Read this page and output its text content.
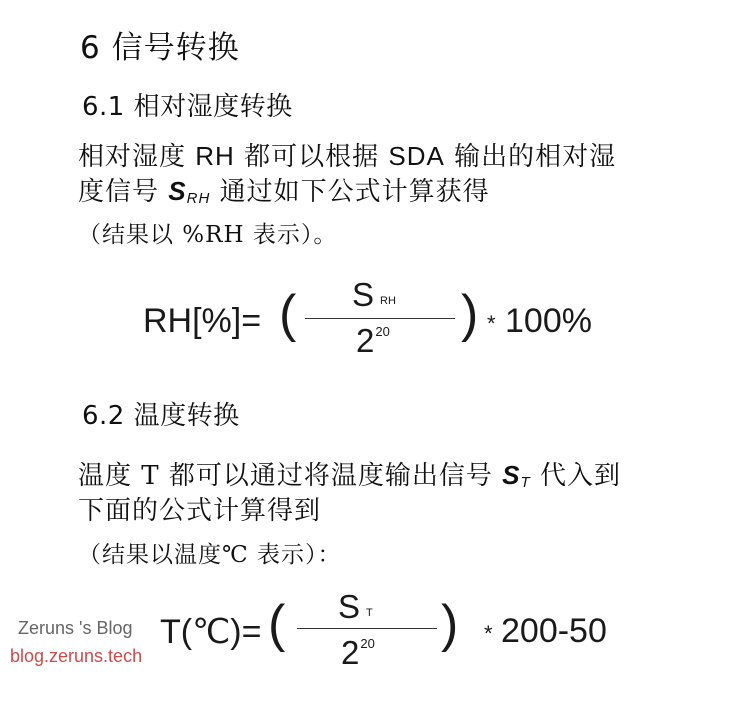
6 信号转换
6.1 相对湿度转换
相对湿度 RH 都可以根据 SDA 输出的相对湿
度信号 $S_{RH}$ 通过如下公式计算获得
（结果以 %RH 表示）。
RH[%]= ( S $_{RH}$
$2^{20}$ ) * 100%
6.2 温度转换
温度 T 都可以通过将温度输出信号 $S_T$ 代入到
下面的公式计算得到
（结果以温度℃ 表示）：
T(℃)= ( S $_T$
$2^{20}$ ) * 200-50
Zeruns 's Blog
blog.zeruns.tech
